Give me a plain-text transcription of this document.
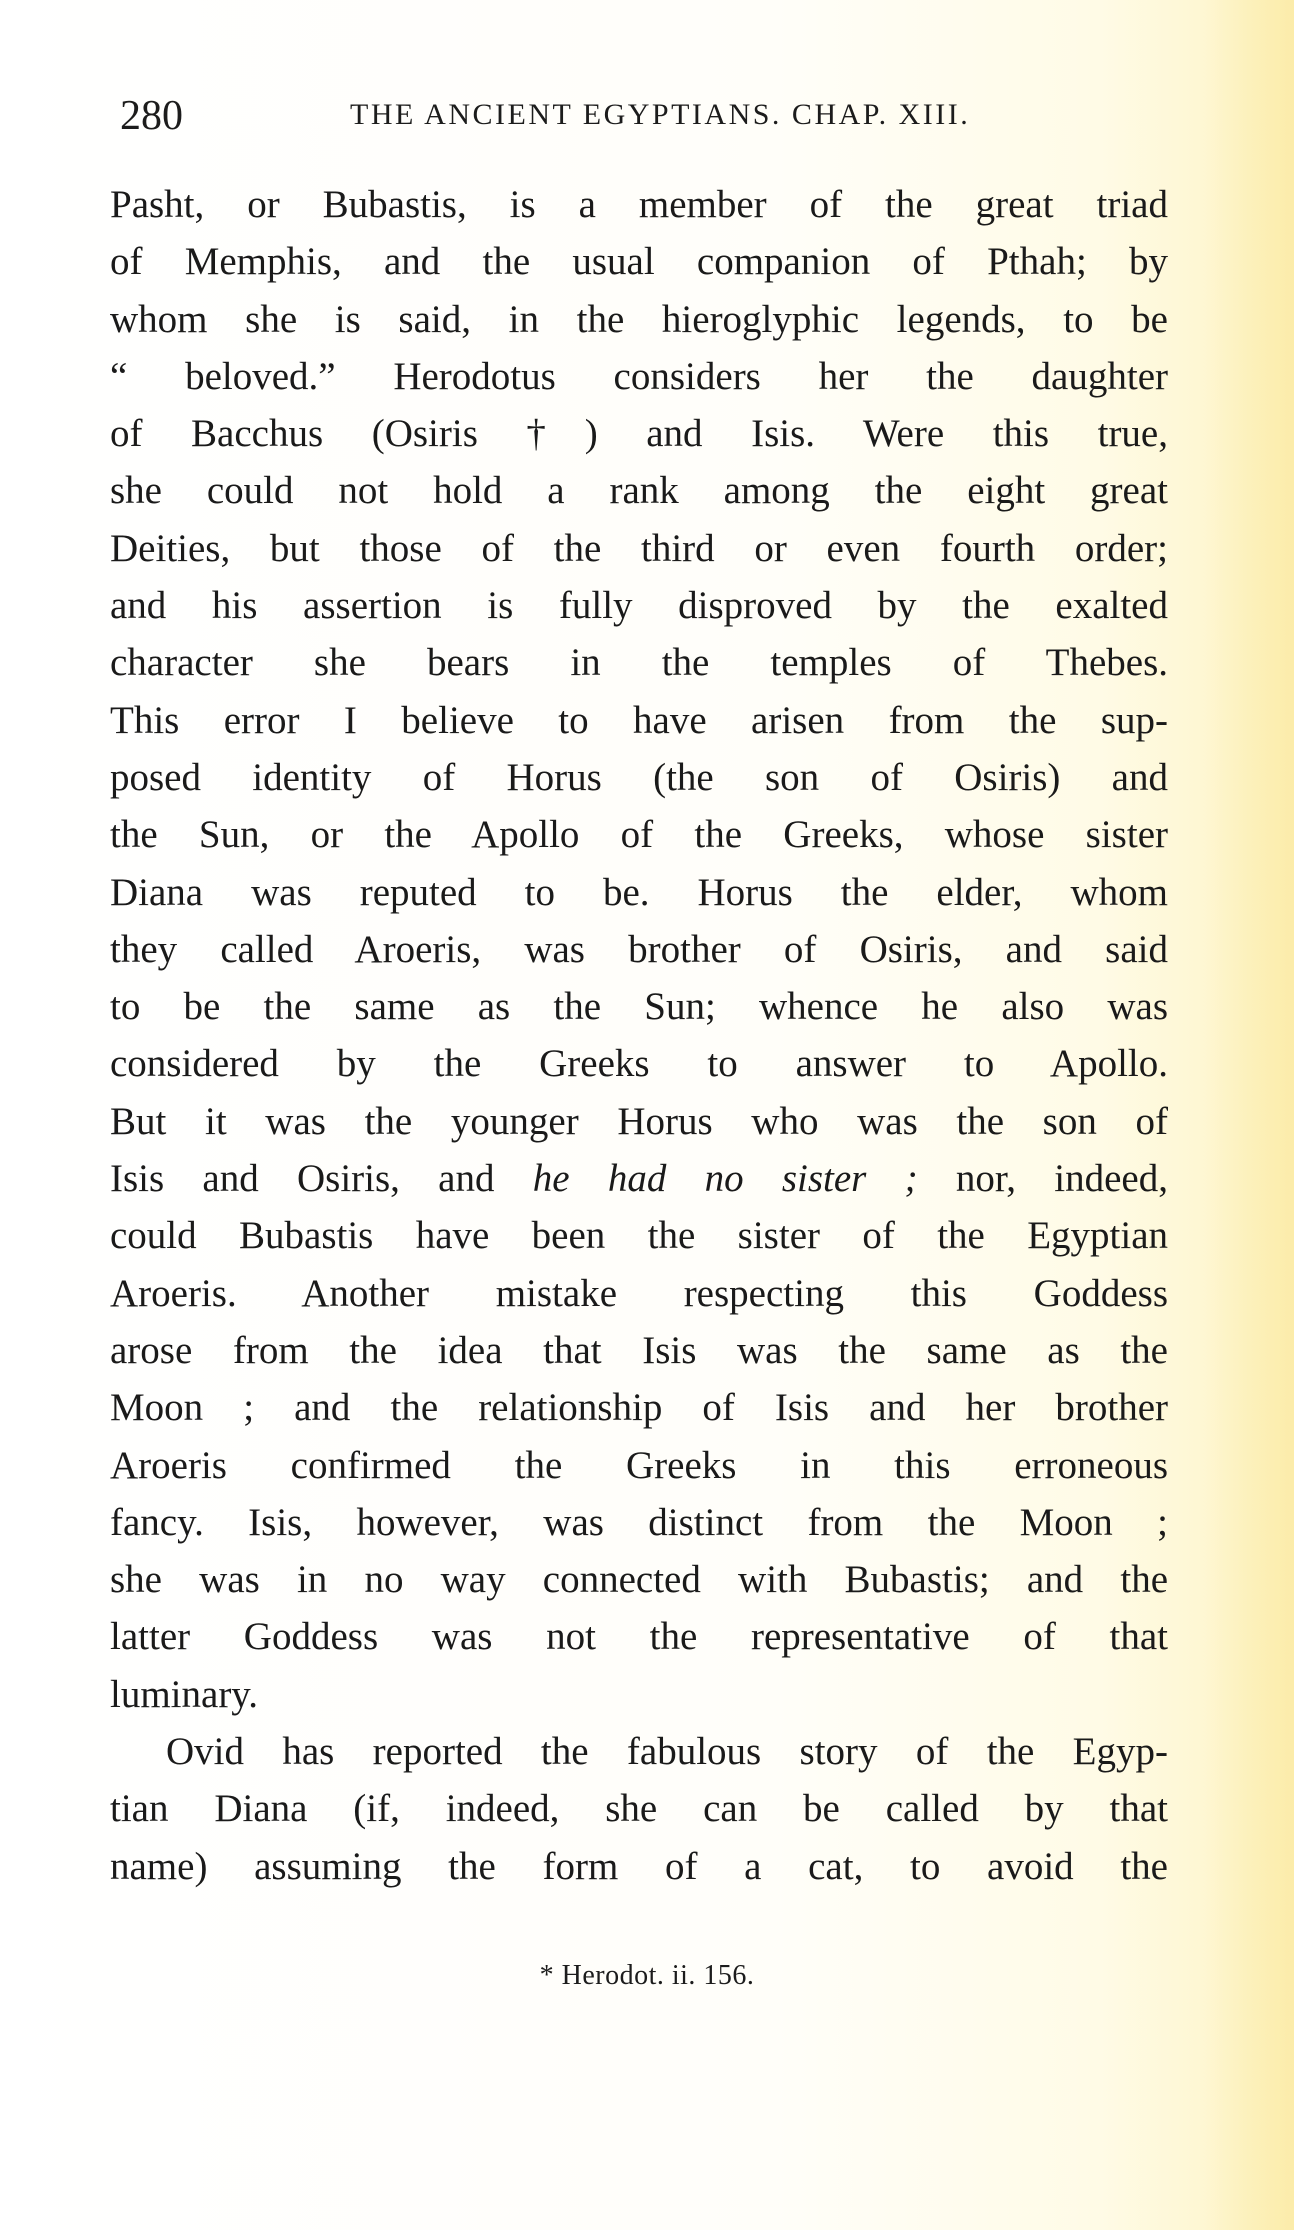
280	THE ANCIENT EGYPTIANS. CHAP. XIII.
Pasht, or Bubastis, is a member of the great triad
of Memphis, and the usual companion of Pthah; by
whom she is said, in the hieroglyphic legends, to be
“ beloved.” Herodotus considers her the daughter
of Bacchus (Osiris †) and Isis. Were this true,
she could not hold a rank among the eight great
Deities, but those of the third or even fourth order;
and his assertion is fully disproved by the exalted
character she bears in the temples of Thebes.
This error I believe to have arisen from the sup-
posed identity of Horus (the son of Osiris) and
the Sun, or the Apollo of the Greeks, whose sister
Diana was reputed to be. Horus the elder, whom
they called Aroeris, was brother of Osiris, and said
to be the same as the Sun; whence he also was
considered by the Greeks to answer to Apollo.
But it was the younger Horus who was the son of
Isis and Osiris, and he had no sister ; nor, indeed,
could Bubastis have been the sister of the Egyptian
Aroeris. Another mistake respecting this Goddess
arose from the idea that Isis was the same as the
Moon ; and the relationship of Isis and her brother
Aroeris confirmed the Greeks in this erroneous
fancy. Isis, however, was distinct from the Moon ;
she was in no way connected with Bubastis; and the
latter Goddess was not the representative of that
luminary.
Ovid has reported the fabulous story of the Egyp-
tian Diana (if, indeed, she can be called by that
name) assuming the form of a cat, to avoid the
* Herodot. ii. 156.
